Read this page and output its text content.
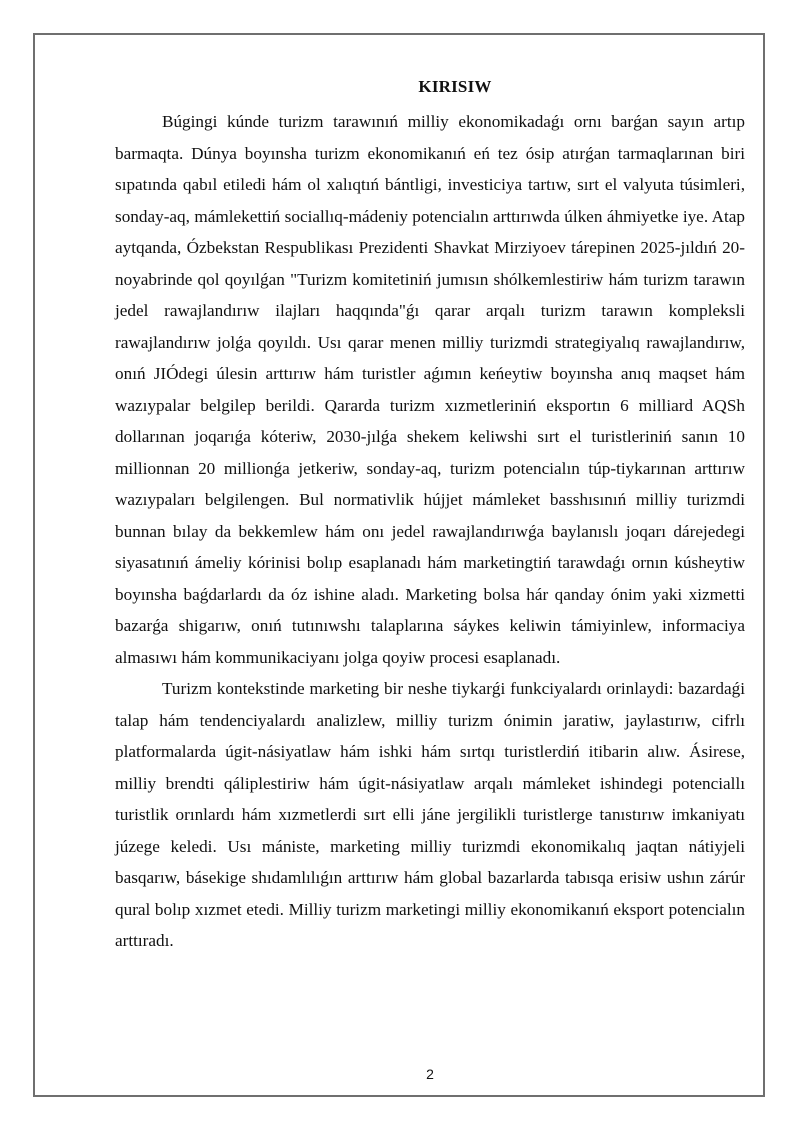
KIRISIW

Búgingi kúnde turizm tarawınıń milliy ekonomikadaǵı ornı barǵan sayın artıp barmaqta. Dúnya boyınsha turizm ekonomikanıń eń tez ósip atırǵan tarmaqlarınan biri sıpatında qabıl etiledi hám ol xalıqtıń bántligi, investiciya tartıw, sırt el valyuta túsimleri, sonday-aq, mámlekettiń sociallıq-mádeniy potencialın arttırıwda úlken áhmiyetke iye. Atap aytqanda, Ózbekstan Respublikası Prezidenti Shavkat Mirziyoev tárepinen 2025-jıldıń 20-noyabrinde qol qoyılǵan "Turizm komitetiniń jumısın shólkemlestiriw hám turizm tarawın jedel rawajlandırıw ilajları haqqında"ǵı qarar arqalı turizm tarawın kompleksli rawajlandırıw jolǵa qoyıldı. Usı qarar menen milliy turizmdi strategiyalıq rawajlandırıw, onıń JIÓdegi úlesin arttırıw hám turistler aǵımın keńeytiw boyınsha anıq maqset hám wazıypalar belgilep berildi. Qararda turizm xızmetleriniń eksportın 6 milliard AQSh dollarınan joqarıǵa kóteriw, 2030-jılǵa shekem keliwshi sırt el turistleriniń sanın 10 millionnan 20 millionǵa jetkeriw, sonday-aq, turizm potencialın túp-tiykarınan arttırıw wazıypaları belgilengen. Bul normativlik hújjet mámleket basshısınıń milliy turizmdi bunnan bılay da bekkemlew hám onı jedel rawajlandırıwǵa baylanıslı joqarı dárejedegi siyasatınıń ámeliy kórinisi bolıp esaplanadı hám marketingtiń tarawdaǵı ornın kúsheytiw boyınsha baǵdarlardı da óz ishine aladı. Marketing bolsa hár qanday ónim yaki xizmetti bazarǵa shigarıw, onıń tutınıwshı talaplarına sáykes keliwin támiyinlew, informaciya almasıwı hám kommunikaciyanı jolga qoyiw procesi esaplanadı.

Turizm kontekstinde marketing bir neshe tiykarǵi funkciyalardı orinlaydi: bazardaǵi talap hám tendenciyalardı analizlew, milliy turizm ónimin jaratiw, jaylastırıw, cifrlı platformalarda úgit-násiyatlaw hám ishki hám sırtqı turistlerdiń itibarin alıw. Ásirese, milliy brendti qáliplestiriw hám úgit-násiyatlaw arqalı mámleket ishindegi potenciallı turistlik orınlardı hám xızmetlerdi sırt elli jáne jergilikli turistlerge tanıstırıw imkaniyatı júzege keledi. Usı mániste, marketing milliy turizmdi ekonomikalıq jaqtan nátiyjeli basqarıw, básekige shıdamlılıǵın arttırıw hám global bazarlarda tabısqa erisiw ushın zárúr qural bolıp xızmet etedi. Milliy turizm marketingi milliy ekonomikanıń eksport potencialın arttıradı.

2
